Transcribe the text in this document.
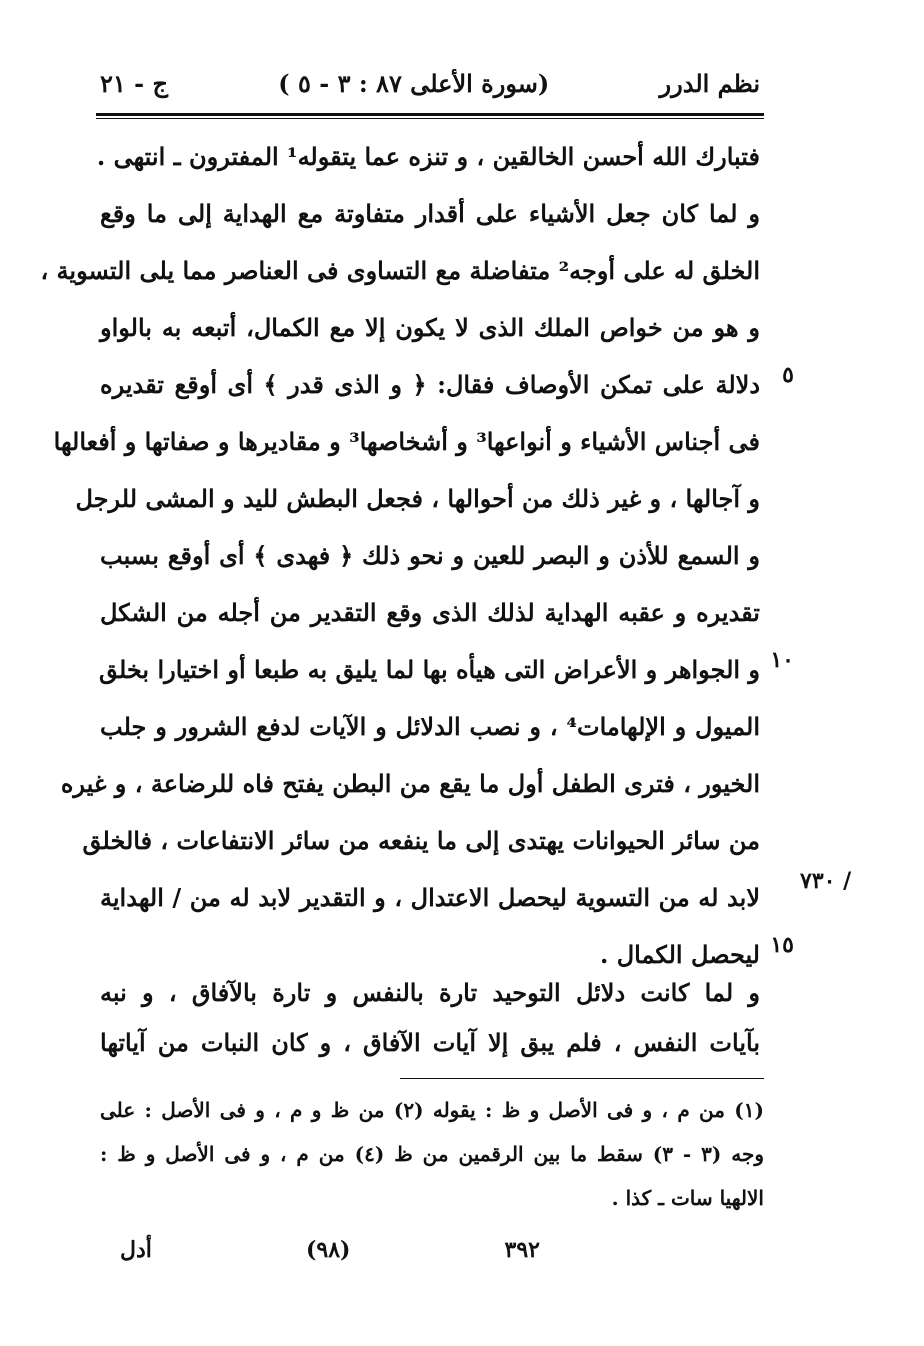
نظم الدرر
(سورة الأعلى ٨٧ : ٣ - ٥ )
ج - ٢١
فتبارك الله أحسن الخالقين ، و تنزه عما يتقوله¹ المفترون ـ انتهى .
و لما كان جعل الأشياء على أقدار متفاوتة مع الهداية إلى ما وقع
الخلق له على أوجه² متفاضلة مع التساوى فى العناصر مما يلى التسوية ،
و هو من خواص الملك الذى لا يكون إلا مع الكمال، أتبعه به بالواو
دلالة على تمكن الأوصاف فقال: ﴿ و الذى قدر ﴾ أى أوقع تقديره
فى أجناس الأشياء و أنواعها³ و أشخاصها³ و مقاديرها و صفاتها و أفعالها
و آجالها ، و غير ذلك من أحوالها ، فجعل البطش لليد و المشى للرجل
و السمع للأذن و البصر للعين و نحو ذلك ﴿ فهدى ﴾ أى أوقع بسبب
تقديره و عقبه الهداية لذلك الذى وقع التقدير من أجله من الشكل
و الجواهر و الأعراض التى هيأه بها لما يليق به طبعا أو اختيارا بخلق
الميول و الإلهامات⁴ ، و نصب الدلائل و الآيات لدفع الشرور و جلب
الخيور ، فترى الطفل أول ما يقع من البطن يفتح فاه للرضاعة ، و غيره
من سائر الحيوانات يهتدى إلى ما ينفعه من سائر الانتفاعات ، فالخلق
لابد له من التسوية ليحصل الاعتدال ، و التقدير لابد له من / الهداية
ليحصل الكمال .
٥
١٠
١٥
/ ٧٣٠
و لما كانت دلائل التوحيد تارة بالنفس و تارة بالآفاق ، و نبه
بآيات النفس ، فلم يبق إلا آيات الآفاق ، و كان النبات من آياتها
(١) من م ، و فى الأصل و ظ : يقوله (٢) من ظ و م ، و فى الأصل : على
وجه (٣ - ٣) سقط ما بين الرقمين من ظ (٤) من م ، و فى الأصل و ظ :
الالهيا سات ـ كذا .
٣٩٢
(٩٨)
أدل
